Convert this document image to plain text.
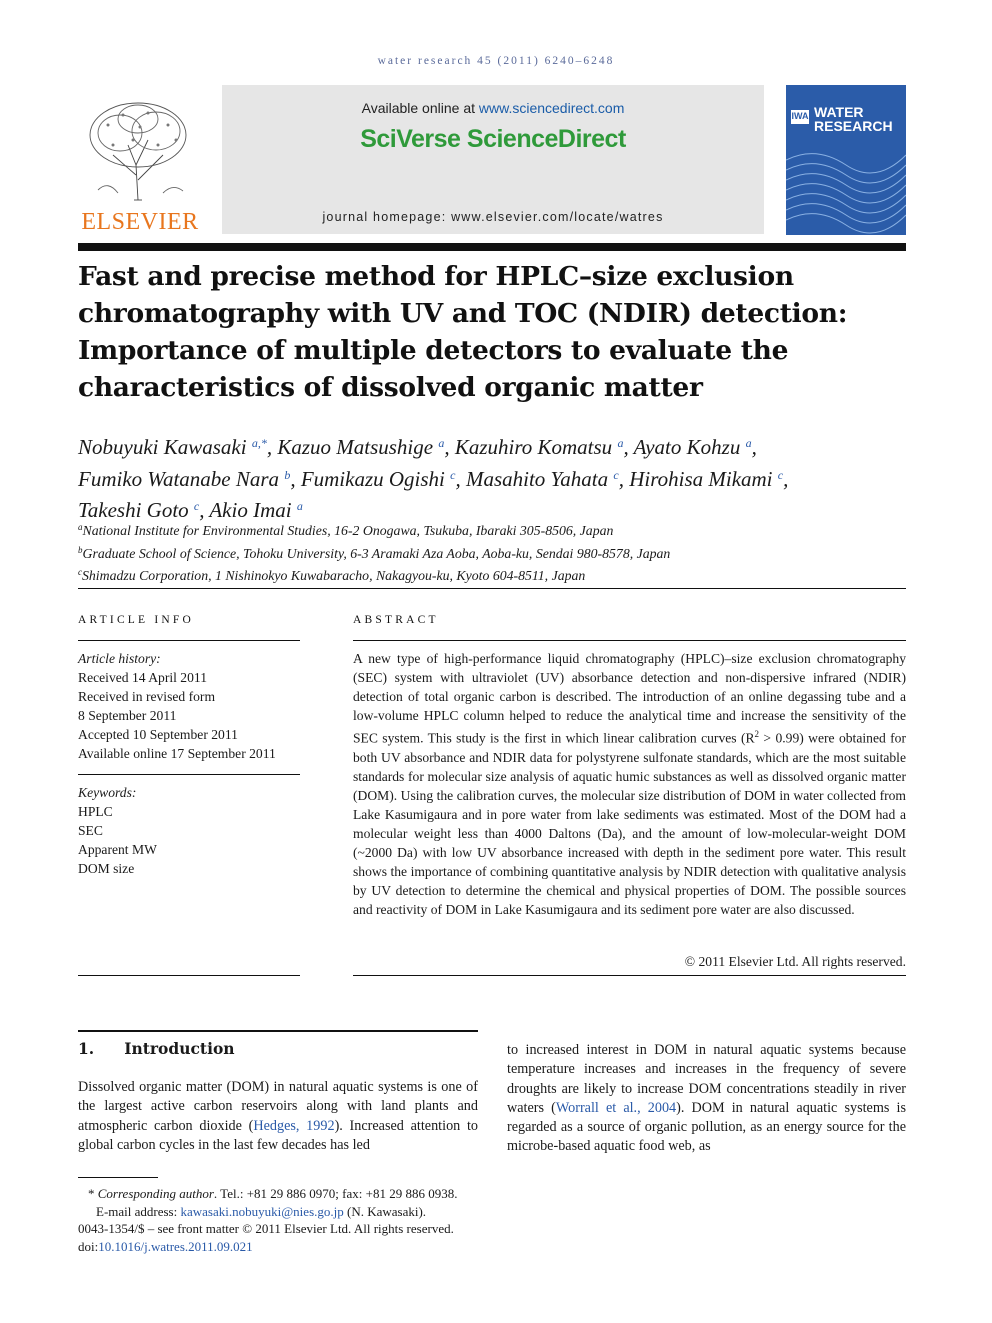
water research 45 (2011) 6240–6248
ELSEVIER
Available online at www.sciencedirect.com
SciVerse ScienceDirect
journal homepage: www.elsevier.com/locate/watres
IWA WATER
RESEARCH
Fast and precise method for HPLC–size exclusion chromatography with UV and TOC (NDIR) detection: Importance of multiple detectors to evaluate the characteristics of dissolved organic matter
Nobuyuki Kawasaki $^{a,*}$, Kazuo Matsushige $^a$, Kazuhiro Komatsu $^a$, Ayato Kohzu $^a$,
Fumiko Watanabe Nara $^b$, Fumikazu Ogishi $^c$, Masahito Yahata $^c$, Hirohisa Mikami $^c$,
Takeshi Goto $^c$, Akio Imai $^a$
$^a$National Institute for Environmental Studies, 16-2 Onogawa, Tsukuba, Ibaraki 305-8506, Japan
$^b$Graduate School of Science, Tohoku University, 6-3 Aramaki Aza Aoba, Aoba-ku, Sendai 980-8578, Japan
$^c$Shimadzu Corporation, 1 Nishinokyo Kuwabaracho, Nakagyou-ku, Kyoto 604-8511, Japan
ARTICLE INFO
Article history:
Received 14 April 2011
Received in revised form
8 September 2011
Accepted 10 September 2011
Available online 17 September 2011
Keywords:
HPLC
SEC
Apparent MW
DOM size
ABSTRACT
A new type of high-performance liquid chromatography (HPLC)–size exclusion chromatography (SEC) system with ultraviolet (UV) absorbance detection and non-dispersive infrared (NDIR) detection of total organic carbon is described. The introduction of an online degassing tube and a low-volume HPLC column helped to reduce the analytical time and increase the sensitivity of the SEC system. This study is the first in which linear calibration curves $(R^2 > 0.99)$ were obtained for both UV absorbance and NDIR data for polystyrene sulfonate standards, which are the most suitable standards for molecular size analysis of aquatic humic substances as well as dissolved organic matter (DOM). Using the calibration curves, the molecular size distribution of DOM in water collected from Lake Kasumigaura and in pore water from lake sediments was estimated. Most of the DOM had a molecular weight less than 4000 Daltons (Da), and the amount of low-molecular-weight DOM (~2000 Da) with low UV absorbance increased with depth in the sediment pore water. This result shows the importance of combining quantitative analysis by NDIR detection with qualitative analysis by UV detection to determine the chemical and physical properties of DOM. The possible sources and reactivity of DOM in Lake Kasumigaura and its sediment pore water are also discussed.
© 2011 Elsevier Ltd. All rights reserved.
1. Introduction
Dissolved organic matter (DOM) in natural aquatic systems is one of the largest active carbon reservoirs along with land plants and atmospheric carbon dioxide (Hedges, 1992). Increased attention to global carbon cycles in the last few decades has led
to increased interest in DOM in natural aquatic systems because temperature increases and increases in the frequency of severe droughts are likely to increase DOM concentrations steadily in river waters (Worrall et al., 2004). DOM in natural aquatic systems is regarded as a source of organic pollution, as an energy source for the microbe-based aquatic food web, as
* Corresponding author. Tel.: +81 29 886 0970; fax: +81 29 886 0938.
E-mail address: kawasaki.nobuyuki@nies.go.jp (N. Kawasaki).
0043-1354/$ – see front matter © 2011 Elsevier Ltd. All rights reserved.
doi:10.1016/j.watres.2011.09.021
